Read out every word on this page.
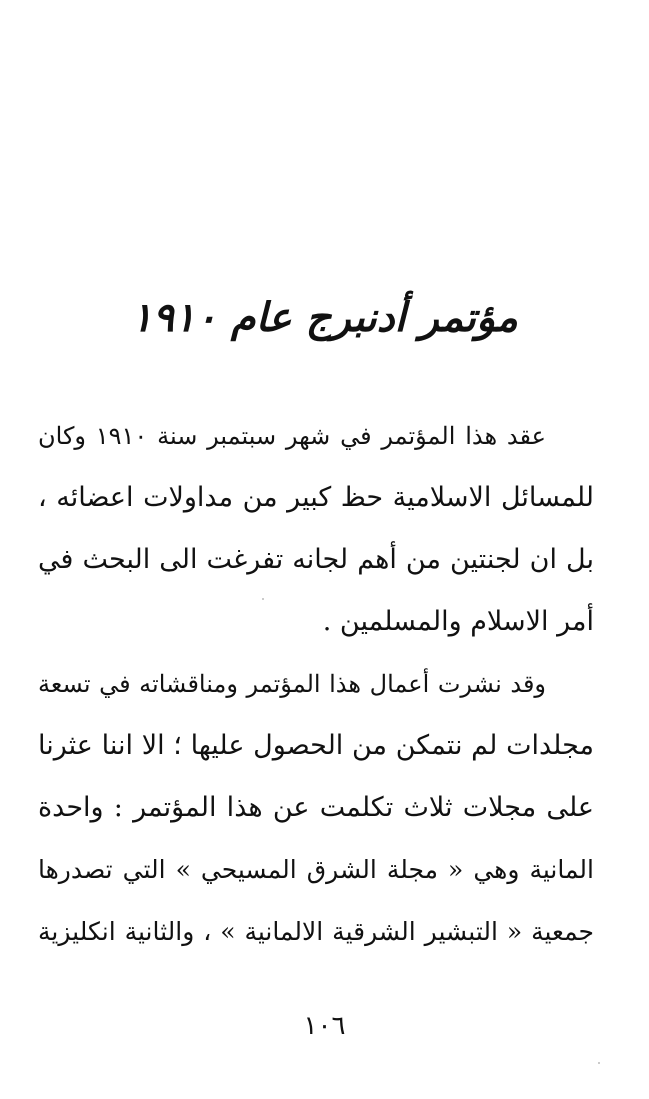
مؤتمر أدنبرج عام ١٩١٠
عقد هذا المؤتمر في شهر سبتمبر سنة ١٩١٠ وكان
للمسائل الاسلامية حظ كبير من مداولات اعضائه ،
بل ان لجنتين من أهم لجانه تفرغت الى البحث في
أمر الاسلام والمسلمين .
وقد نشرت أعمال هذا المؤتمر ومناقشاته في تسعة
مجلدات لم نتمكن من الحصول عليها ؛ الا اننا عثرنا
على مجلات ثلاث تكلمت عن هذا المؤتمر : واحدة
المانية وهي « مجلة الشرق المسيحي » التي تصدرها
جمعية « التبشير الشرقية الالمانية » ، والثانية انكليزية
١٠٦
